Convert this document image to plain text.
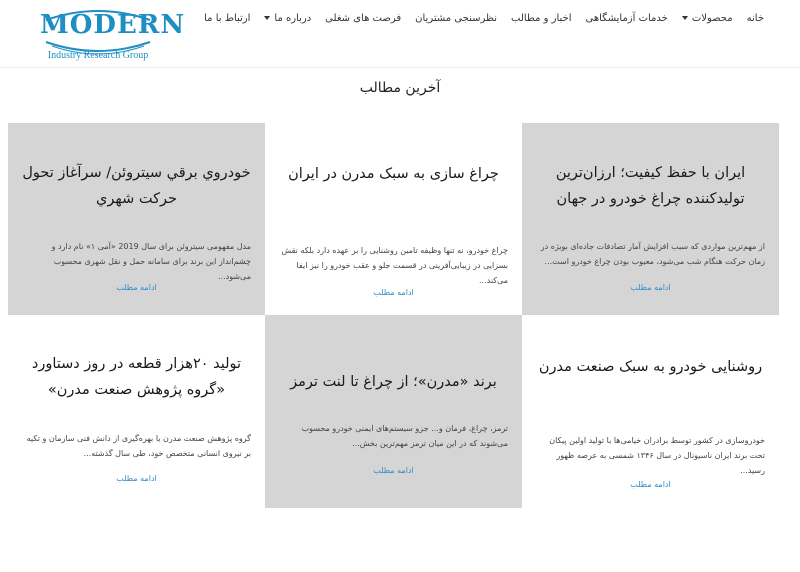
MODERN
Industry Research Group
خانه
محصولات
خدمات آزمایشگاهی
اخبار و مطالب
نظرسنجی مشتریان
فرصت های شغلی
درباره ما
ارتباط با ما
آخرین مطالب
ایران با حفظ کیفیت؛ ارزان‌ترین تولیدکننده چراغ خودرو در جهان
از مهم‌ترین مواردی که سبب افزایش آمار تصادفات جاده‌ای بویژه در زمان حرکت هنگام شب می‌شود، معیوب بودن چراغ خودرو است...
ادامه مطلب
چراغ سازی به سبک مدرن در ایران
چراغ خودرو، نه تنها وظیفه تامین روشنایی را بر عهده دارد بلکه نقش بسزایی در زیبایی‌آفرینی در قسمت جلو و عقب خودرو را نیز ایفا می‌کند...
ادامه مطلب
خودروي برقي سيتروئن/ سرآغاز تحول حرکت شهري
مدل مفهومی سیتروئن برای سال 2019 «آمی ۱» نام دارد و چشم‌انداز این برند برای سامانه حمل و نقل شهری محسوب می‌شود...
ادامه مطلب
روشنایی خودرو به سبک صنعت مدرن
خودروسازی در کشور توسط برادران خیامی‌ها با تولید اولین پیکان تحت برند ایران ناسیونال در سال ۱۳۴۶ شمسی به عرصه ظهور رسید...
ادامه مطلب
برند «مدرن»؛ از چراغ تا لنت ترمز
ترمز، چراغ، فرمان و... جزو سیستم‌های ایمنی خودرو محسوب می‌شوند که در این میان ترمز مهم‌ترین بخش...
ادامه مطلب
تولید ۲۰هزار قطعه در روز دستاورد «گروه پژوهش صنعت مدرن»
گروه پژوهش صنعت مدرن با بهره‌گیری از دانش فنی سازمان و تکیه بر نیروی انسانی متخصص خود، طی سال گذشته...
ادامه مطلب
